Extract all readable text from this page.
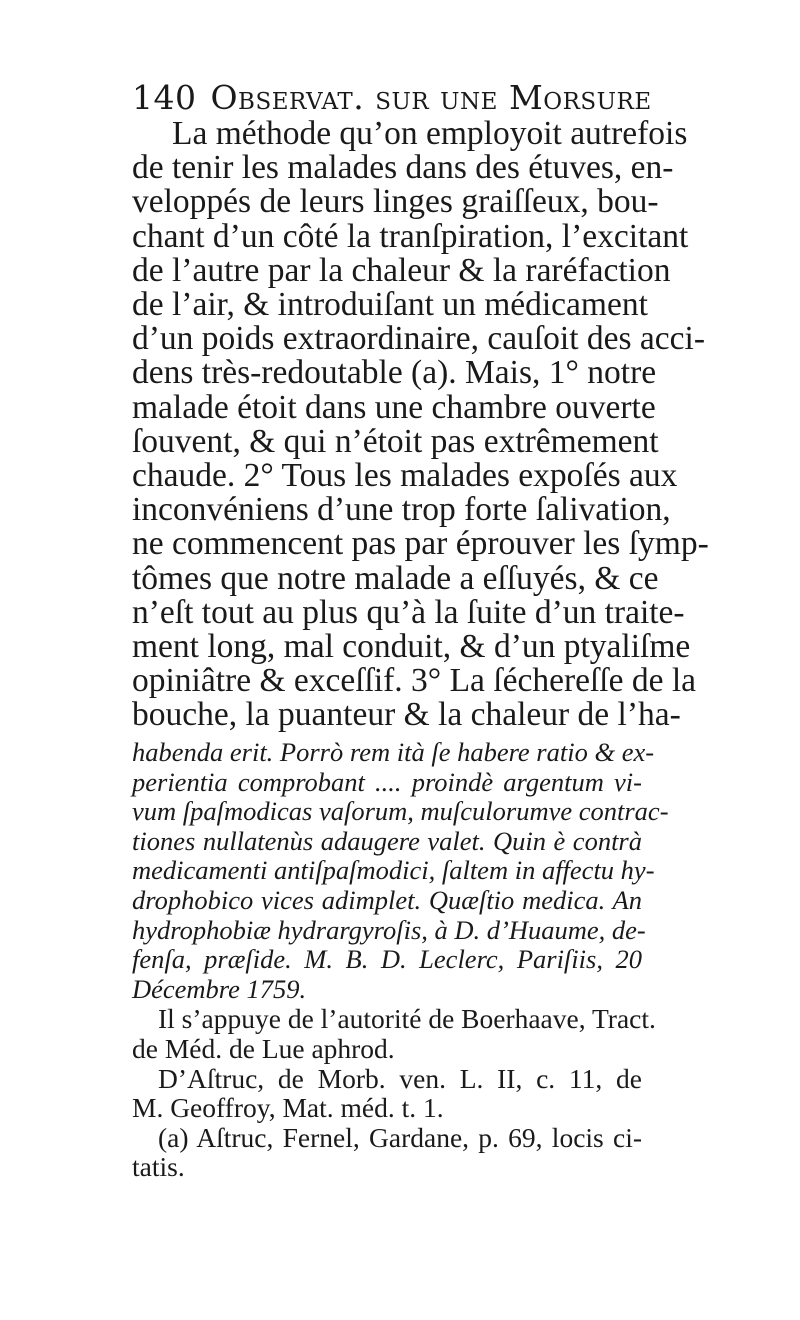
140 Observat. sur une Morsure
La méthode qu’on employoit autrefois
de tenir les malades dans des étuves, en-
veloppés de leurs linges graiſſeux, bou-
chant d’un côté la tranſpiration, l’excitant
de l’autre par la chaleur & la raréfaction
de l’air, & introduiſant un médicament
d’un poids extraordinaire, cauſoit des acci-
dens très-redoutable (a). Mais, 1° notre
malade étoit dans une chambre ouverte
ſouvent, & qui n’étoit pas extrêmement
chaude. 2° Tous les malades expoſés aux
inconvéniens d’une trop forte ſalivation,
ne commencent pas par éprouver les ſymp-
tômes que notre malade a eſſuyés, & ce
n’eſt tout au plus qu’à la ſuite d’un traite-
ment long, mal conduit, & d’un ptyaliſme
opiniâtre & exceſſif. 3° La ſéchereſſe de la
bouche, la puanteur & la chaleur de l’ha-
habenda erit. Porrò rem ità ſe habere ratio & ex-
perientia comprobant .... proindè argentum vi-
vum ſpaſmodicas vaſorum, muſculorumve contrac-
tiones nullatenùs adaugere valet. Quin è contrà
medicamenti antiſpaſmodici, ſaltem in affectu hy-
drophobico vices adimplet. Quæſtio medica. An
hydrophobiæ hydrargyroſis, à D. d’Huaume, de-
fenſa, præſide. M. B. D. Leclerc, Pariſiis, 20
Décembre 1759.
Il s’appuye de l’autorité de Boerhaave, Tract.
de Méd. de Lue aphrod.
D’Aſtruc, de Morb. ven. L. II, c. 11, de
M. Geoffroy, Mat. méd. t. 1.
(a) Aſtruc, Fernel, Gardane, p. 69, locis ci-
tatis.
